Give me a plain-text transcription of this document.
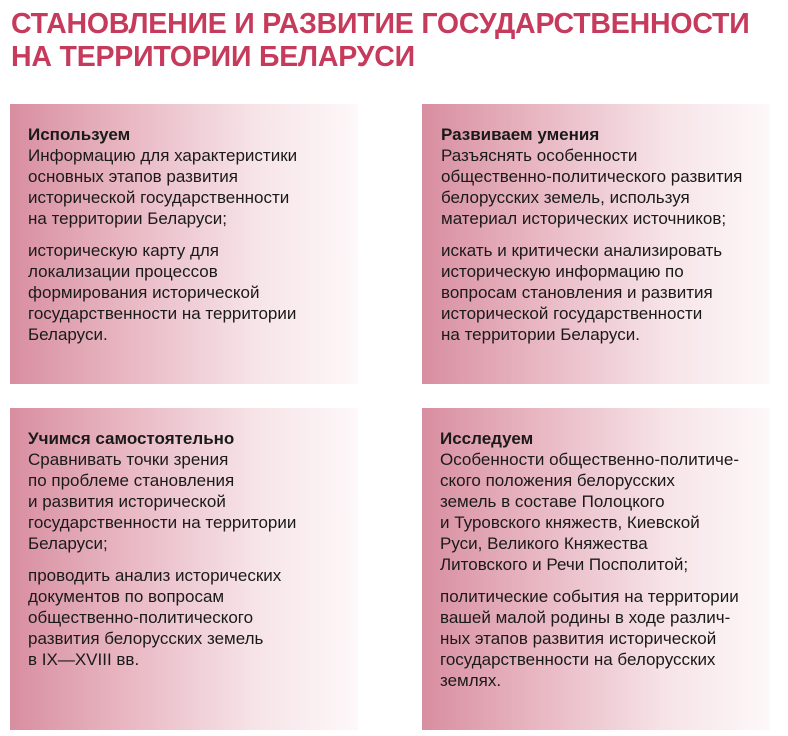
СТАНОВЛЕНИЕ И РАЗВИТИЕ ГОСУДАРСТВЕННОСТИ
НА ТЕРРИТОРИИ БЕЛАРУСИ

Используем

Информацию для характеристики
основных этапов развития
исторической государственности
на территории Беларуси;

историческую карту для
локализации процессов
формирования исторической
государственности на территории
Беларуси.

Развиваем умения

Разъяснять особенности
общественно-политического развития
белорусских земель, используя
материал исторических источников;

искать и критически анализировать
историческую информацию по
вопросам становления и развития
исторической государственности
на территории Беларуси.

Учимся самостоятельно

Сравнивать точки зрения
по проблеме становления
и развития исторической
государственности на территории
Беларуси;

проводить анализ исторических
документов по вопросам
общественно-политического
развития белорусских земель
в IX—XVIII вв.

Исследуем

Особенности общественно-политиче-
ского положения белорусских
земель в составе Полоцкого
и Туровского княжеств, Киевской
Руси, Великого Княжества
Литовского и Речи Посполитой;

политические события на территории
вашей малой родины в ходе различ-
ных этапов развития исторической
государственности на белорусских
землях.
